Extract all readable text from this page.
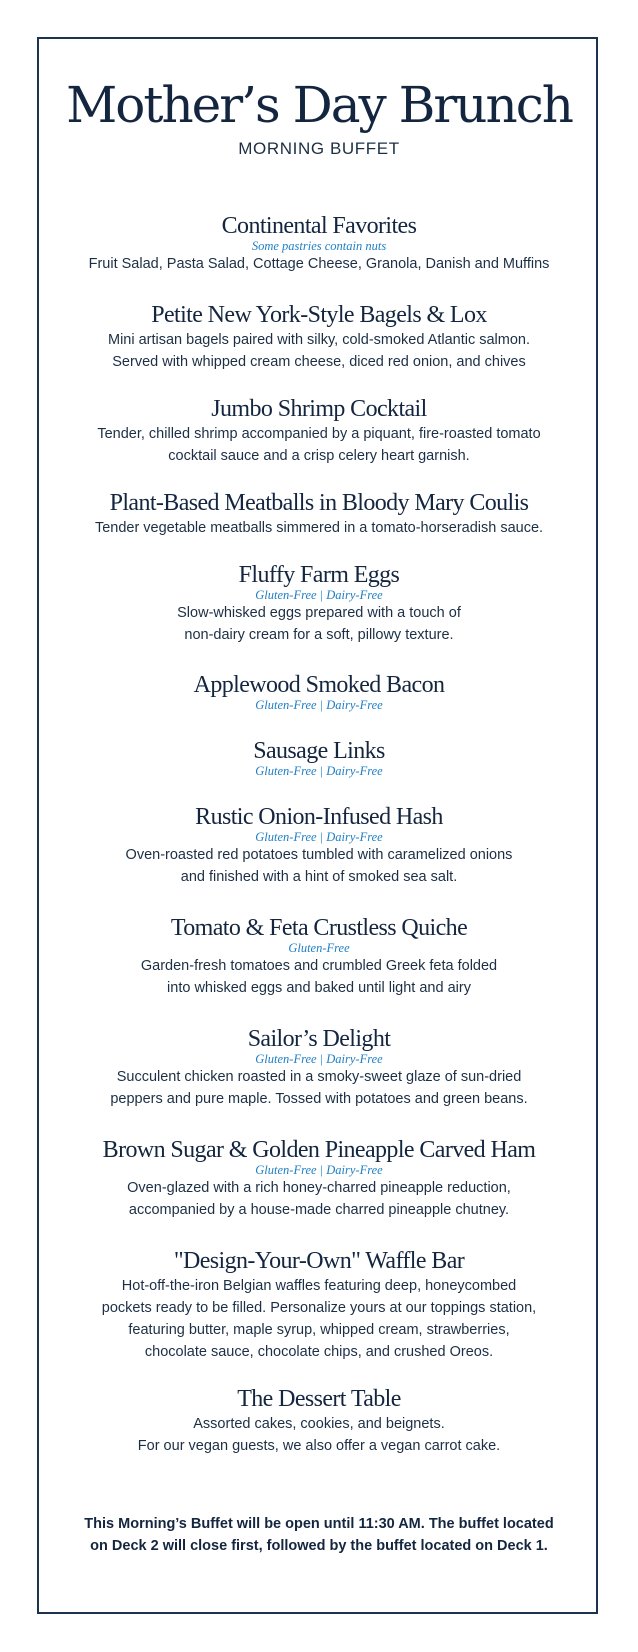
Mother’s Day Brunch
MORNING BUFFET
Continental Favorites
Some pastries contain nuts
Fruit Salad, Pasta Salad, Cottage Cheese, Granola, Danish and Muffins
Petite New York-Style Bagels & Lox
Mini artisan bagels paired with silky, cold-smoked Atlantic salmon.
Served with whipped cream cheese, diced red onion, and chives
Jumbo Shrimp Cocktail
Tender, chilled shrimp accompanied by a piquant, fire-roasted tomato
cocktail sauce and a crisp celery heart garnish.
Plant-Based Meatballs in Bloody Mary Coulis
Tender vegetable meatballs simmered in a tomato-horseradish sauce.
Fluffy Farm Eggs
Gluten-Free | Dairy-Free
Slow-whisked eggs prepared with a touch of
non-dairy cream for a soft, pillowy texture.
Applewood Smoked Bacon
Gluten-Free | Dairy-Free
Sausage Links
Gluten-Free | Dairy-Free
Rustic Onion-Infused Hash
Gluten-Free | Dairy-Free
Oven-roasted red potatoes tumbled with caramelized onions
and finished with a hint of smoked sea salt.
Tomato & Feta Crustless Quiche
Gluten-Free
Garden-fresh tomatoes and crumbled Greek feta folded
into whisked eggs and baked until light and airy
Sailor’s Delight
Gluten-Free | Dairy-Free
Succulent chicken roasted in a smoky-sweet glaze of sun-dried
peppers and pure maple. Tossed with potatoes and green beans.
Brown Sugar & Golden Pineapple Carved Ham
Gluten-Free | Dairy-Free
Oven-glazed with a rich honey-charred pineapple reduction,
accompanied by a house-made charred pineapple chutney.
"Design-Your-Own" Waffle Bar
Hot-off-the-iron Belgian waffles featuring deep, honeycombed
pockets ready to be filled. Personalize yours at our toppings station,
featuring butter, maple syrup, whipped cream, strawberries,
chocolate sauce, chocolate chips, and crushed Oreos.
The Dessert Table
Assorted cakes, cookies, and beignets.
For our vegan guests, we also offer a vegan carrot cake.
This Morning’s Buffet will be open until 11:30 AM. The buffet located
on Deck 2 will close first, followed by the buffet located on Deck 1.
